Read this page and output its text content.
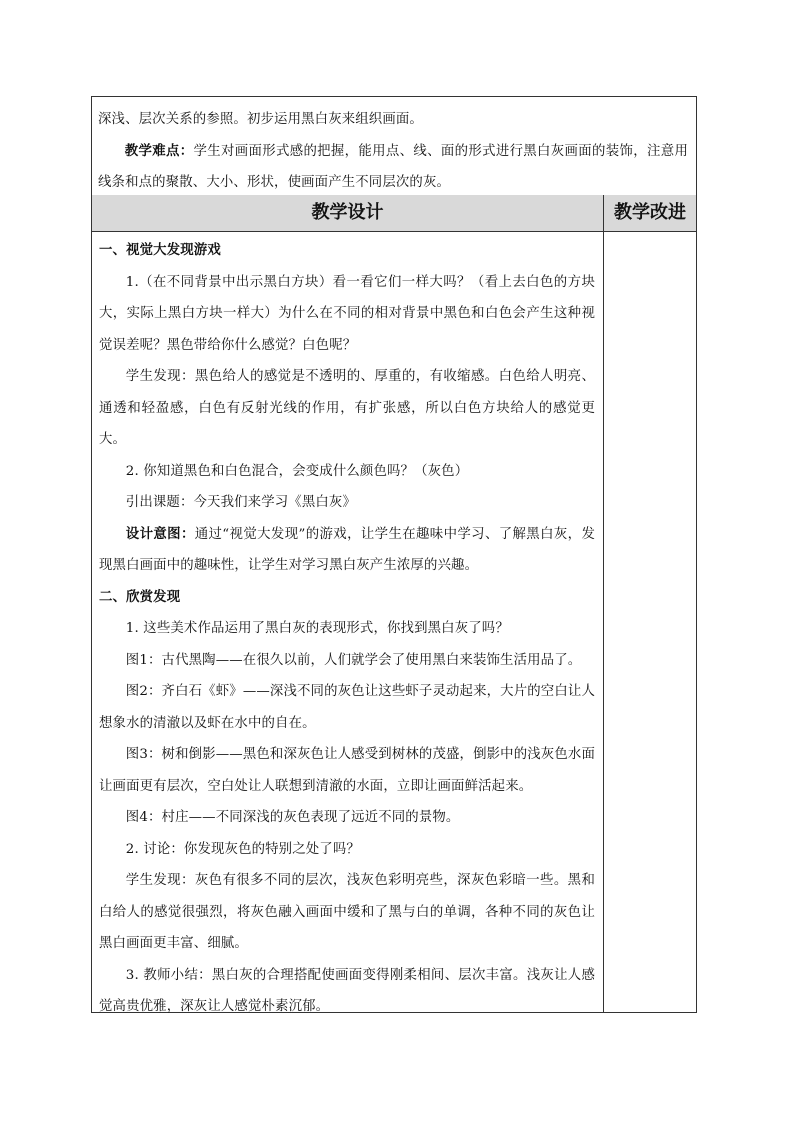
深浅、层次关系的参照。初步运用黑白灰来组织画面。

教学难点：学生对画面形式感的把握，能用点、线、面的形式进行黑白灰画面的装饰，注意用线条和点的聚散、大小、形状，使画面产生不同层次的灰。

教学设计	教学改进

一、视觉大发现游戏

1.（在不同背景中出示黑白方块）看一看它们一样大吗？（看上去白色的方块大，实际上黑白方块一样大）为什么在不同的相对背景中黑色和白色会产生这种视觉误差呢？黑色带给你什么感觉？白色呢？

学生发现：黑色给人的感觉是不透明的、厚重的，有收缩感。白色给人明亮、通透和轻盈感，白色有反射光线的作用，有扩张感，所以白色方块给人的感觉更大。

2. 你知道黑色和白色混合，会变成什么颜色吗？（灰色）

引出课题：今天我们来学习《黑白灰》

设计意图：通过“视觉大发现”的游戏，让学生在趣味中学习、了解黑白灰，发现黑白画面中的趣味性，让学生对学习黑白灰产生浓厚的兴趣。

二、欣赏发现

1. 这些美术作品运用了黑白灰的表现形式，你找到黑白灰了吗？

图1：古代黑陶——在很久以前，人们就学会了使用黑白来装饰生活用品了。

图2：齐白石《虾》——深浅不同的灰色让这些虾子灵动起来，大片的空白让人想象水的清澈以及虾在水中的自在。

图3：树和倒影——黑色和深灰色让人感受到树林的茂盛，倒影中的浅灰色水面让画面更有层次，空白处让人联想到清澈的水面，立即让画面鲜活起来。

图4：村庄——不同深浅的灰色表现了远近不同的景物。

2. 讨论：你发现灰色的特别之处了吗？

学生发现：灰色有很多不同的层次，浅灰色彩明亮些，深灰色彩暗一些。黑和白给人的感觉很强烈，将灰色融入画面中缓和了黑与白的单调，各种不同的灰色让黑白画面更丰富、细腻。

3. 教师小结：黑白灰的合理搭配使画面变得刚柔相间、层次丰富。浅灰让人感觉高贵优雅，深灰让人感觉朴素沉郁。
